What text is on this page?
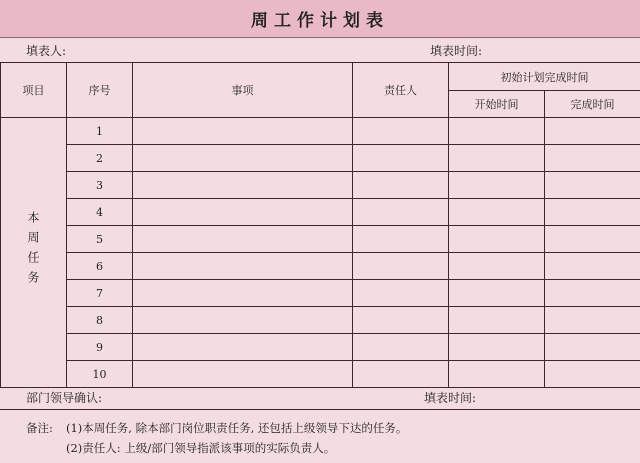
周工作计划表
填表人:	填表时间:
项目	序号	事项	责任人	初始计划完成时间	
				开始时间	完成时间
本周任务	1				
	2				
	3				
	4				
	5				
	6				
	7				
	8				
	9				
	10				
部门领导确认:	填表时间:
备注: (1)本周任务, 除本部门岗位职责任务, 还包括上级领导下达的任务。
(2)责任人: 上级/部门领导指派该事项的实际负责人。
